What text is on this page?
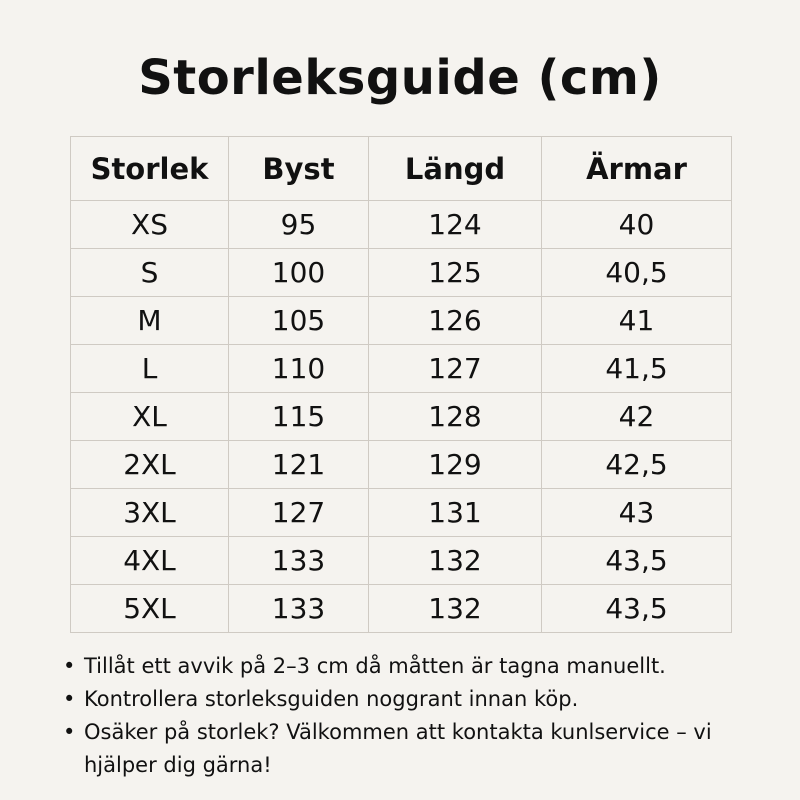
Storleksguide (cm)
Storlek	Byst	Längd	Ärmar
XS	95	124	40
S	100	125	40,5
M	105	126	41
L	110	127	41,5
XL	115	128	42
2XL	121	129	42,5
3XL	127	131	43
4XL	133	132	43,5
5XL	133	132	43,5
• Tillåt ett avvik på 2–3 cm då måtten är tagna manuellt.
• Kontrollera storleksguiden noggrant innan köp.
• Osäker på storlek? Välkommen att kontakta kunlservice – vi hjälper dig gärna!
